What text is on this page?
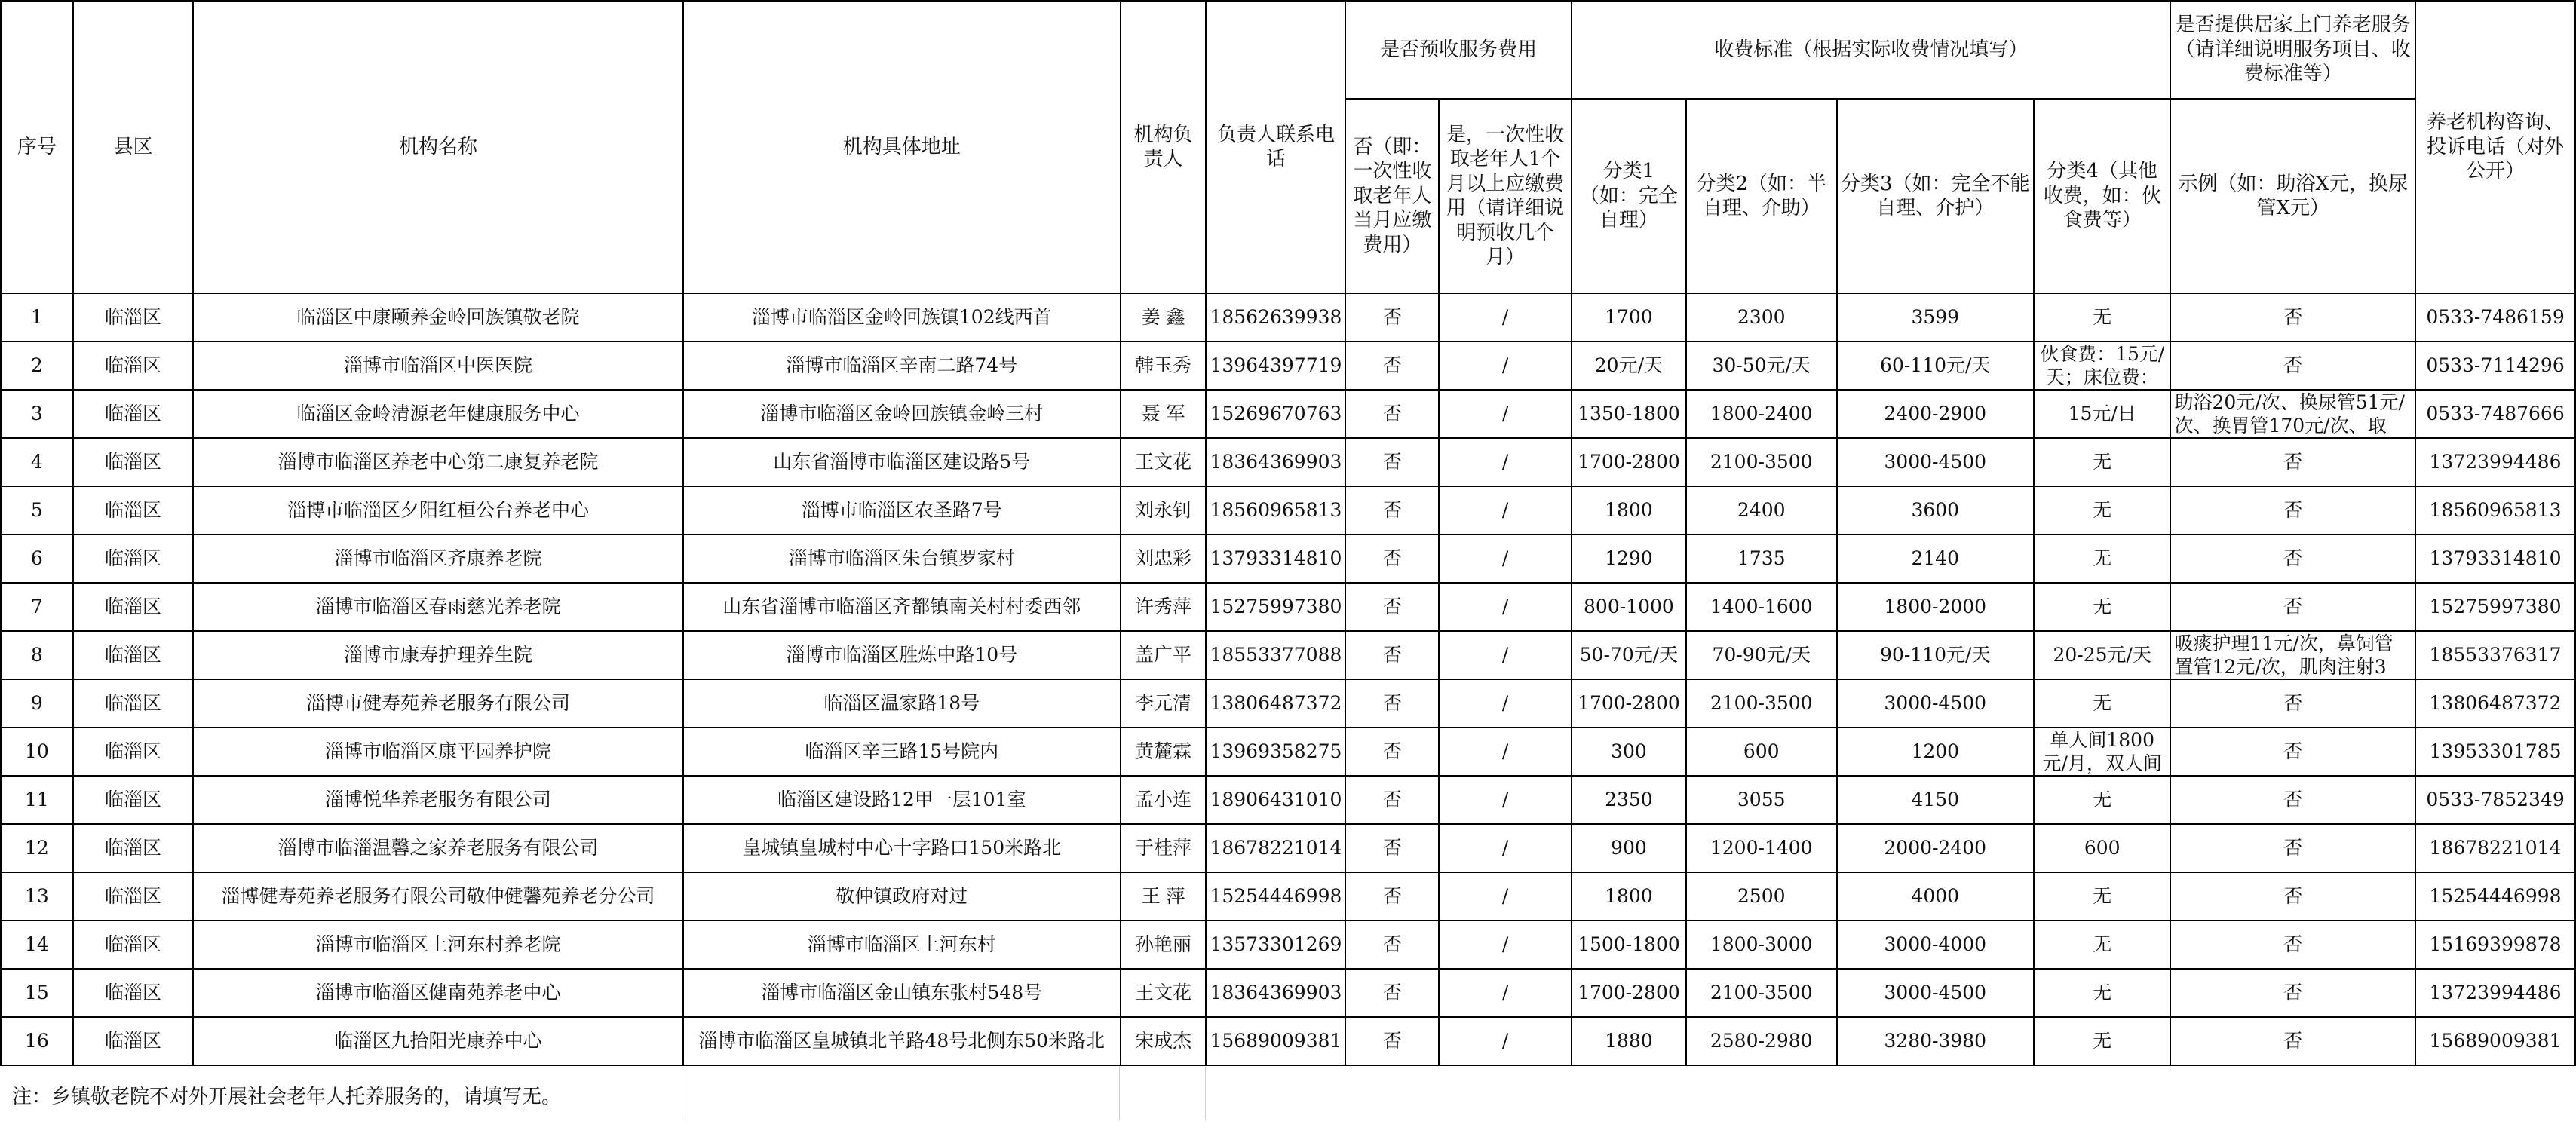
序号	县区	机构名称	机构具体地址	机构负责人	负责人联系电话	是否预收服务费用		收费标准（根据实际收费情况填写）				是否提供居家上门养老服务（请详细说明服务项目、收费标准等）	养老机构咨询、投诉电话（对外公开）
						否（即：一次性收取老年人当月应缴费用）	是，一次性收取老年人1个月以上应缴费用（请详细说明预收几个月）	分类1（如：完全自理）	分类2（如：半自理、介助）	分类3（如：完全不能自理、介护）	分类4（其他收费，如：伙食费等）	示例（如：助浴X元，换尿管X元）	
1	临淄区	临淄区中康颐养金岭回族镇敬老院	淄博市临淄区金岭回族镇102线西首	姜 鑫	18562639938	否	/	1700	2300	3599	无	否	0533-7486159
2	临淄区	淄博市临淄区中医医院	淄博市临淄区辛南二路74号	韩玉秀	13964397719	否	/	20元/天	30-50元/天	60-110元/天	伙食费：15元/天；床位费：	否	0533-7114296
3	临淄区	临淄区金岭清源老年健康服务中心	淄博市临淄区金岭回族镇金岭三村	聂 军	15269670763	否	/	1350-1800	1800-2400	2400-2900	15元/日	助浴20元/次、换尿管51元/次、换胃管170元/次、取	0533-7487666
4	临淄区	淄博市临淄区养老中心第二康复养老院	山东省淄博市临淄区建设路5号	王文花	18364369903	否	/	1700-2800	2100-3500	3000-4500	无	否	13723994486
5	临淄区	淄博市临淄区夕阳红桓公台养老中心	淄博市临淄区农圣路7号	刘永钊	18560965813	否	/	1800	2400	3600	无	否	18560965813
6	临淄区	淄博市临淄区齐康养老院	淄博市临淄区朱台镇罗家村	刘忠彩	13793314810	否	/	1290	1735	2140	无	否	13793314810
7	临淄区	淄博市临淄区春雨慈光养老院	山东省淄博市临淄区齐都镇南关村村委西邻	许秀萍	15275997380	否	/	800-1000	1400-1600	1800-2000	无	否	15275997380
8	临淄区	淄博市康寿护理养生院	淄博市临淄区胜炼中路10号	盖广平	18553377088	否	/	50-70元/天	70-90元/天	90-110元/天	20-25元/天	吸痰护理11元/次，鼻饲管置管12元/次，肌肉注射3	18553376317
9	临淄区	淄博市健寿苑养老服务有限公司	临淄区温家路18号	李元清	13806487372	否	/	1700-2800	2100-3500	3000-4500	无	否	13806487372
10	临淄区	淄博市临淄区康平园养护院	临淄区辛三路15号院内	黄麓霖	13969358275	否	/	300	600	1200	单人间1800元/月，双人间	否	13953301785
11	临淄区	淄博悦华养老服务有限公司	临淄区建设路12甲一层101室	孟小连	18906431010	否	/	2350	3055	4150	无	否	0533-7852349
12	临淄区	淄博市临淄温馨之家养老服务有限公司	皇城镇皇城村中心十字路口150米路北	于桂萍	18678221014	否	/	900	1200-1400	2000-2400	600	否	18678221014
13	临淄区	淄博健寿苑养老服务有限公司敬仲健馨苑养老分公司	敬仲镇政府对过	王 萍	15254446998	否	/	1800	2500	4000	无	否	15254446998
14	临淄区	淄博市临淄区上河东村养老院	淄博市临淄区上河东村	孙艳丽	13573301269	否	/	1500-1800	1800-3000	3000-4000	无	否	15169399878
15	临淄区	淄博市临淄区健南苑养老中心	淄博市临淄区金山镇东张村548号	王文花	18364369903	否	/	1700-2800	2100-3500	3000-4500	无	否	13723994486
16	临淄区	临淄区九拾阳光康养中心	淄博市临淄区皇城镇北羊路48号北侧东50米路北	宋成杰	15689009381	否	/	1880	2580-2980	3280-3980	无	否	15689009381
注：乡镇敬老院不对外开展社会老年人托养服务的，请填写无。
